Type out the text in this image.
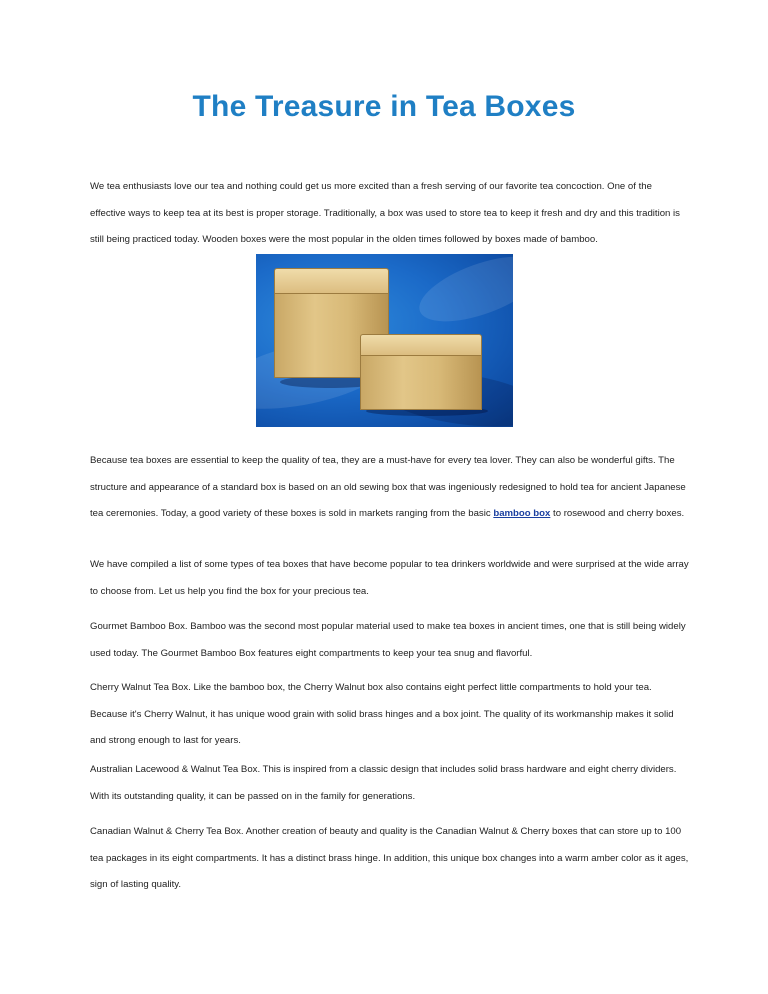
The Treasure in Tea Boxes

We tea enthusiasts love our tea and nothing could get us more excited than a fresh serving of our favorite tea concoction. One of the effective ways to keep tea at its best is proper storage. Traditionally, a box was used to store tea to keep it fresh and dry and this tradition is still being practiced today. Wooden boxes were the most popular in the olden times followed by boxes made of bamboo.

Because tea boxes are essential to keep the quality of tea, they are a must-have for every tea lover. They can also be wonderful gifts. The structure and appearance of a standard box is based on an old sewing box that was ingeniously redesigned to hold tea for ancient Japanese tea ceremonies. Today, a good variety of these boxes is sold in markets ranging from the basic bamboo box to rosewood and cherry boxes.

We have compiled a list of some types of tea boxes that have become popular to tea drinkers worldwide and were surprised at the wide array to choose from. Let us help you find the box for your precious tea.

Gourmet Bamboo Box. Bamboo was the second most popular material used to make tea boxes in ancient times, one that is still being widely used today. The Gourmet Bamboo Box features eight compartments to keep your tea snug and flavorful.

Cherry Walnut Tea Box. Like the bamboo box, the Cherry Walnut box also contains eight perfect little compartments to hold your tea. Because it's Cherry Walnut, it has unique wood grain with solid brass hinges and a box joint. The quality of its workmanship makes it solid and strong enough to last for years.

Australian Lacewood & Walnut Tea Box. This is inspired from a classic design that includes solid brass hardware and eight cherry dividers. With its outstanding quality, it can be passed on in the family for generations.

Canadian Walnut & Cherry Tea Box. Another creation of beauty and quality is the Canadian Walnut & Cherry boxes that can store up to 100 tea packages in its eight compartments. It has a distinct brass hinge. In addition, this unique box changes into a warm amber color as it ages, sign of lasting quality.
